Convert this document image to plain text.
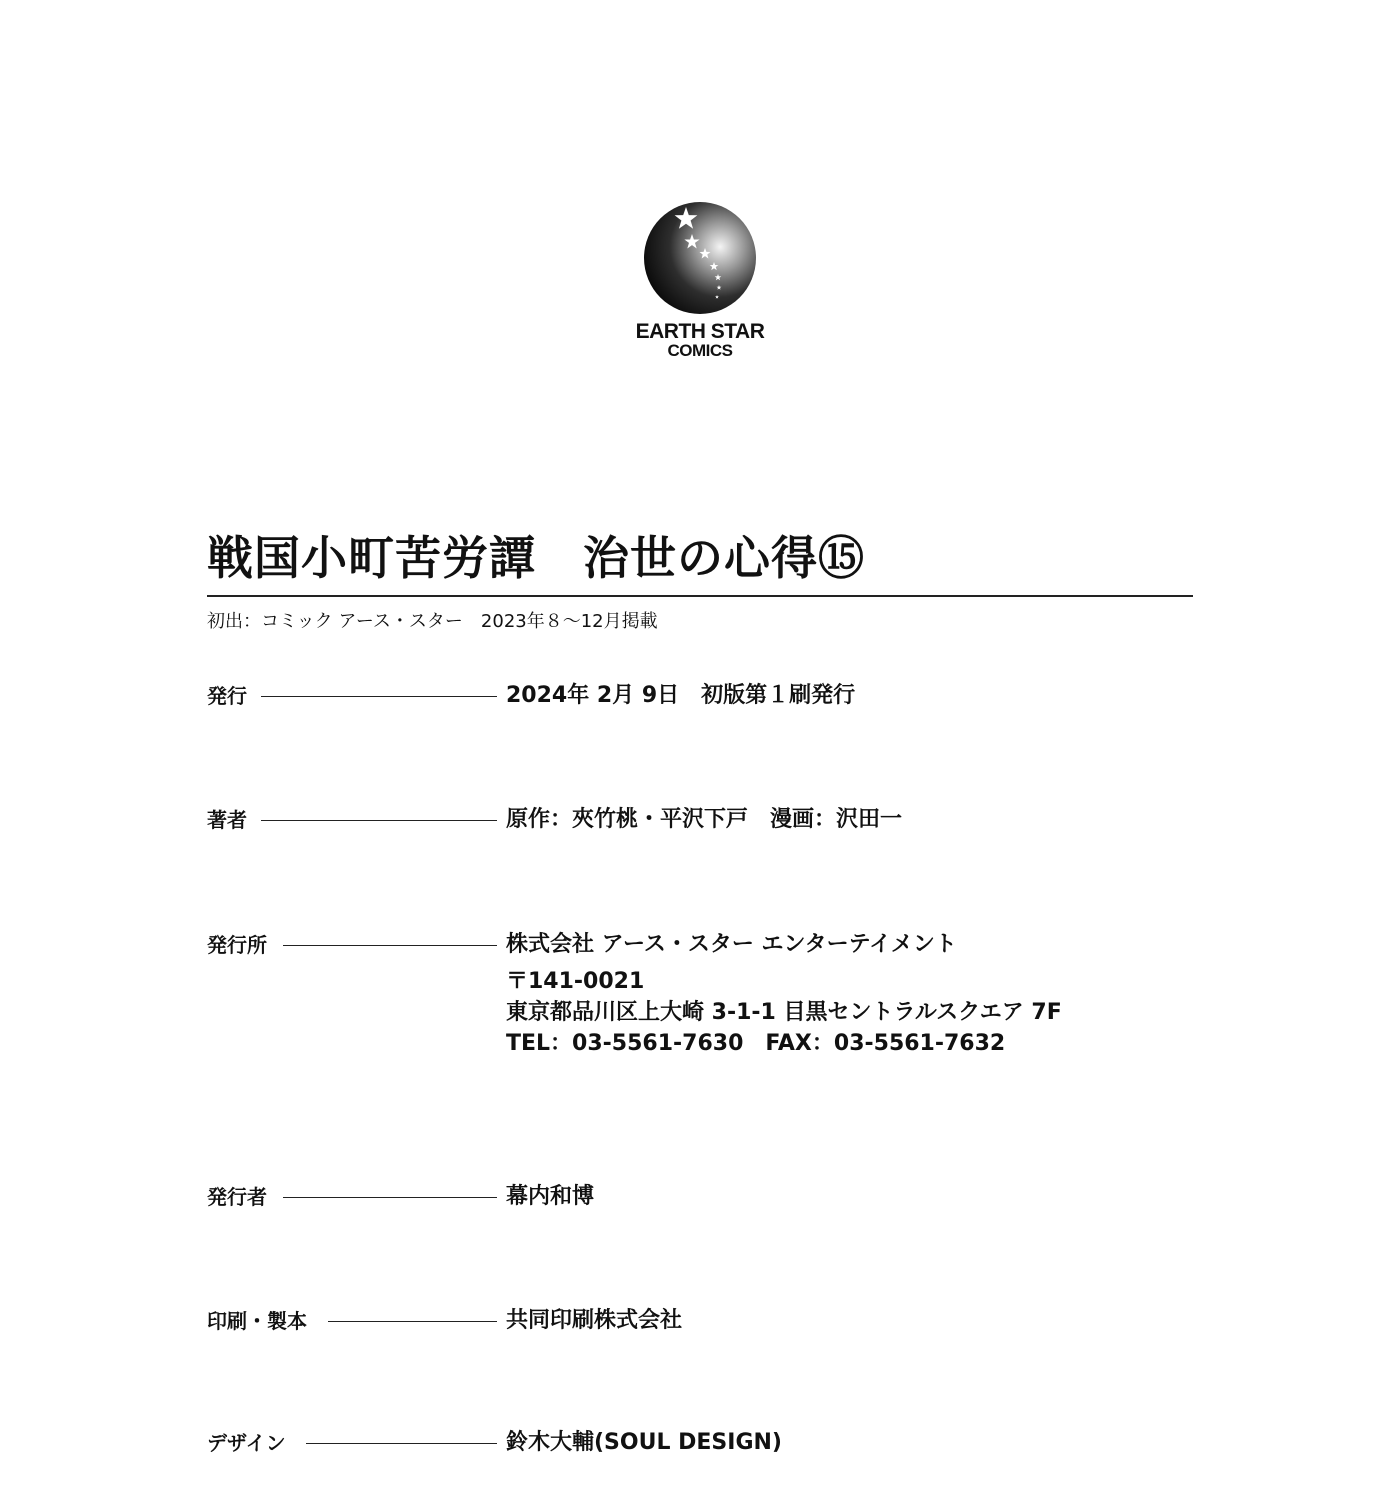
EARTH STAR
COMICS
戦国小町苦労譚　治世の心得⑮
初出：コミック アース・スター　2023年８～12月掲載
発行	2024年 2月 9日　初版第１刷発行
著者	原作：夾竹桃・平沢下戸　漫画：沢田一
発行所	株式会社 アース・スター エンターテイメント
〒141-0021
東京都品川区上大崎 3-1-1 目黒セントラルスクエア 7F
TEL：03-5561-7630　FAX：03-5561-7632
発行者	幕内和博
印刷・製本	共同印刷株式会社
デザイン	鈴木大輔(SOUL DESIGN)
